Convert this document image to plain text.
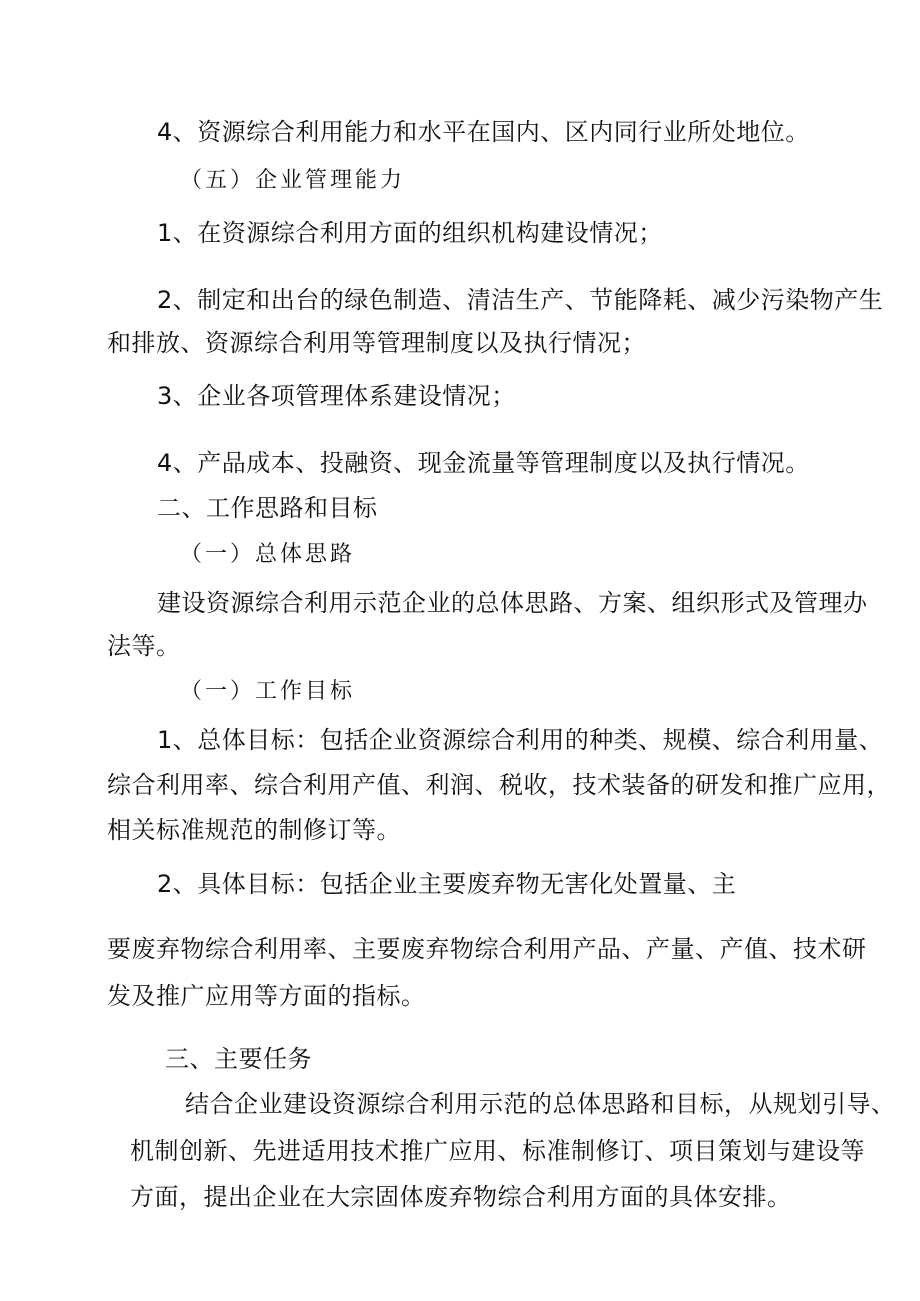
4、资源综合利用能力和水平在国内、区内同行业所处地位。
（五）企业管理能力
1、在资源综合利用方面的组织机构建设情况；
2、制定和出台的绿色制造、清洁生产、节能降耗、减少污染物产生
和排放、资源综合利用等管理制度以及执行情况；
3、企业各项管理体系建设情况；
4、产品成本、投融资、现金流量等管理制度以及执行情况。
二、工作思路和目标
（一）总体思路
建设资源综合利用示范企业的总体思路、方案、组织形式及管理办
法等。
（一）工作目标
1、总体目标：包括企业资源综合利用的种类、规模、综合利用量、
综合利用率、综合利用产值、利润、税收，技术装备的研发和推广应用，
相关标准规范的制修订等。
2、具体目标：包括企业主要废弃物无害化处置量、主
要废弃物综合利用率、主要废弃物综合利用产品、产量、产值、技术研
发及推广应用等方面的指标。
三、主要任务
结合企业建设资源综合利用示范的总体思路和目标，从规划引导、
机制创新、先进适用技术推广应用、标准制修订、项目策划与建设等
方面，提出企业在大宗固体废弃物综合利用方面的具体安排。
